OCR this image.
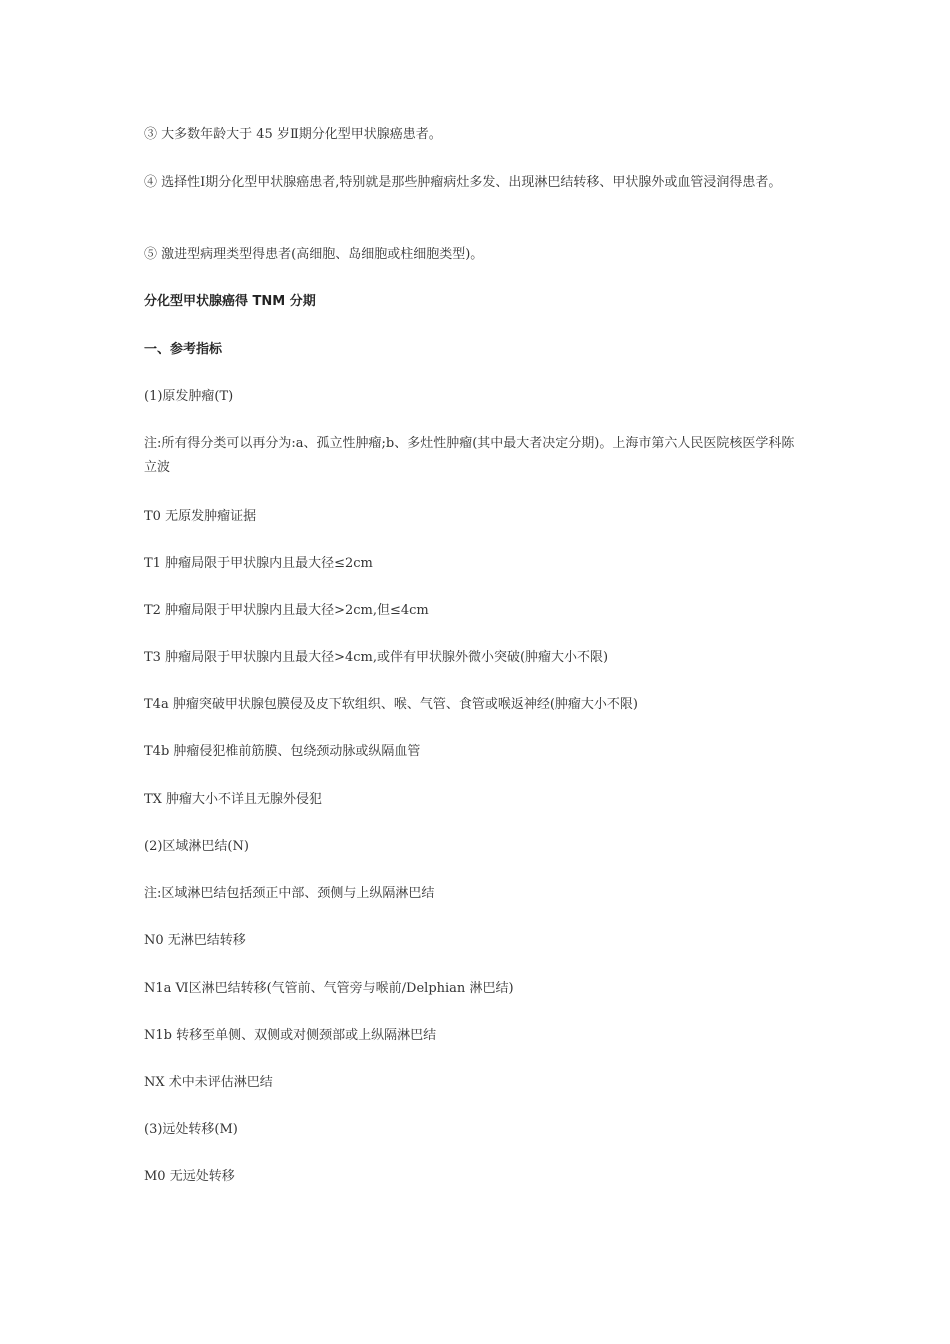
③ 大多数年龄大于 45 岁Ⅱ期分化型甲状腺癌患者。

④ 选择性Ⅰ期分化型甲状腺癌患者,特别就是那些肿瘤病灶多发、出现淋巴结转移、甲状腺外或血管浸润得患者。

⑤ 激进型病理类型得患者(高细胞、岛细胞或柱细胞类型)。

分化型甲状腺癌得 TNM 分期

一、参考指标

(1)原发肿瘤(T)

注:所有得分类可以再分为:a、孤立性肿瘤;b、多灶性肿瘤(其中最大者决定分期)。上海市第六人民医院核医学科陈立波

T0 无原发肿瘤证据

T1 肿瘤局限于甲状腺内且最大径≤2cm

T2 肿瘤局限于甲状腺内且最大径>2cm,但≤4cm

T3 肿瘤局限于甲状腺内且最大径>4cm,或伴有甲状腺外微小突破(肿瘤大小不限)

T4a 肿瘤突破甲状腺包膜侵及皮下软组织、喉、气管、食管或喉返神经(肿瘤大小不限)

T4b 肿瘤侵犯椎前筋膜、包绕颈动脉或纵隔血管

TX 肿瘤大小不详且无腺外侵犯

(2)区域淋巴结(N)

注:区域淋巴结包括颈正中部、颈侧与上纵隔淋巴结

N0 无淋巴结转移

N1a Ⅵ区淋巴结转移(气管前、气管旁与喉前/Delphian 淋巴结)

N1b 转移至单侧、双侧或对侧颈部或上纵隔淋巴结

NX 术中未评估淋巴结

(3)远处转移(M)

M0 无远处转移
